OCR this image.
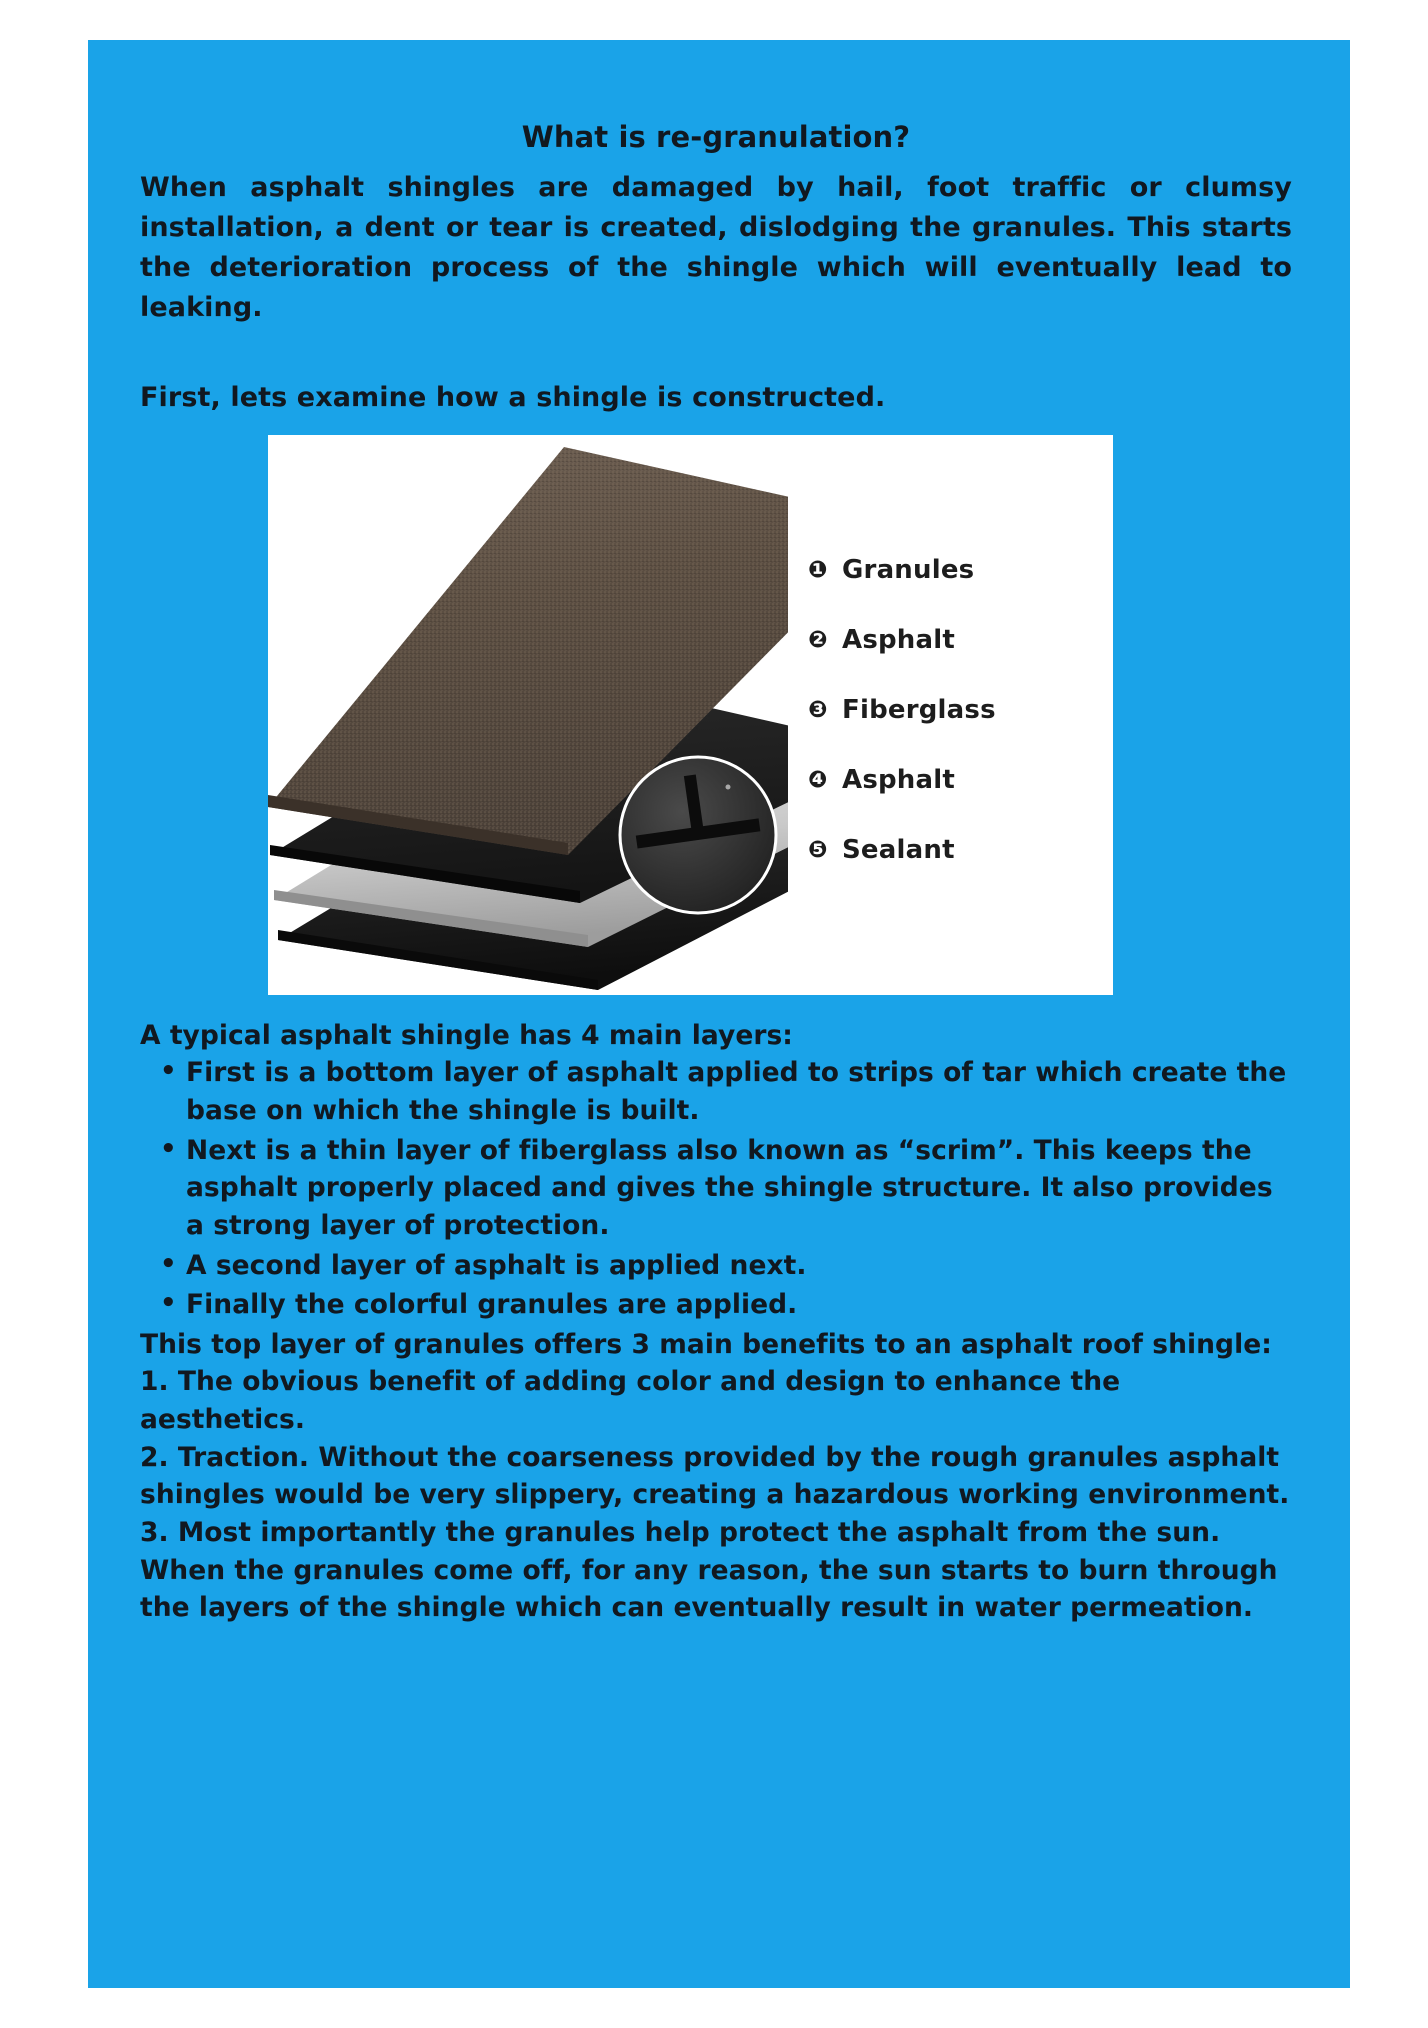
What is re-granulation?

When asphalt shingles are damaged by hail, foot traffic or clumsy installation, a dent or tear is created, dislodging the granules. This starts the deterioration process of the shingle which will eventually lead to leaking.

First, lets examine how a shingle is constructed.

❶ Granules
❷ Asphalt
❸ Fiberglass
❹ Asphalt
❺ Sealant

A typical asphalt shingle has 4 main layers:

• First is a bottom layer of asphalt applied to strips of tar which create the base on which the shingle is built.
• Next is a thin layer of fiberglass also known as “scrim”. This keeps the asphalt properly placed and gives the shingle structure. It also provides a strong layer of protection.
• A second layer of asphalt is applied next.
• Finally the colorful granules are applied.

This top layer of granules offers 3 main benefits to an asphalt roof shingle:

1. The obvious benefit of adding color and design to enhance the aesthetics.

2. Traction. Without the coarseness provided by the rough granules asphalt shingles would be very slippery, creating a hazardous working environment.

3. Most importantly the granules help protect the asphalt from the sun. When the granules come off, for any reason, the sun starts to burn through the layers of the shingle which can eventually result in water permeation.
